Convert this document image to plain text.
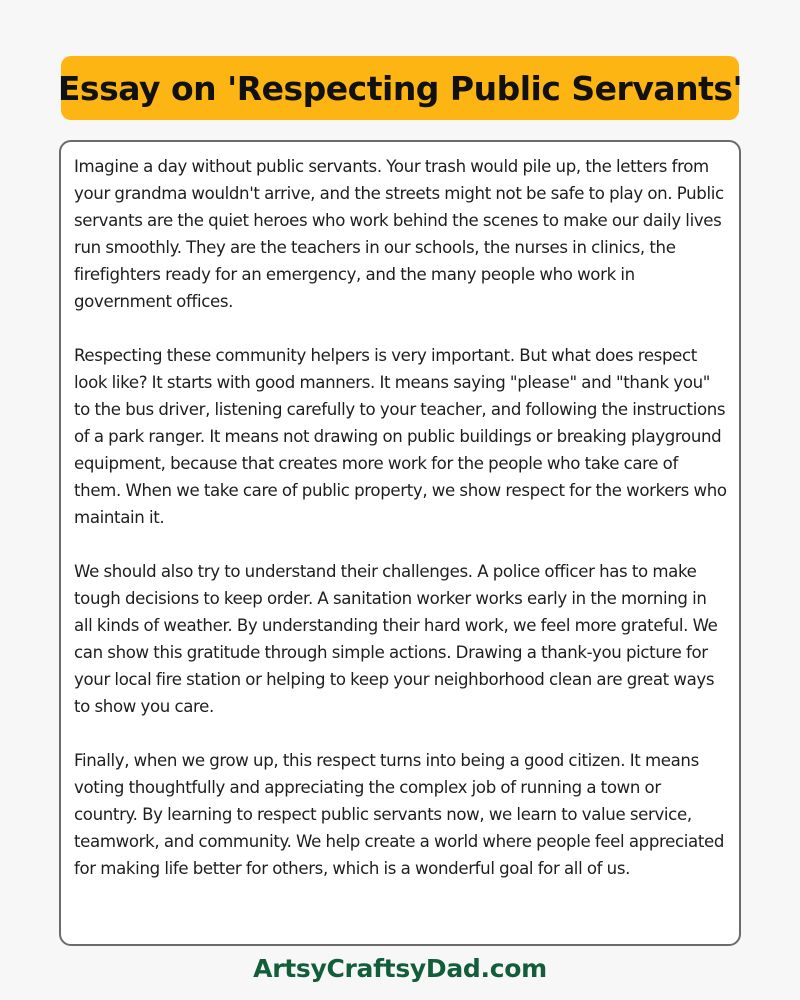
Essay on 'Respecting Public Servants'

Imagine a day without public servants. Your trash would pile up, the letters from your grandma wouldn't arrive, and the streets might not be safe to play on. Public servants are the quiet heroes who work behind the scenes to make our daily lives run smoothly. They are the teachers in our schools, the nurses in clinics, the firefighters ready for an emergency, and the many people who work in government offices.

Respecting these community helpers is very important. But what does respect look like? It starts with good manners. It means saying "please" and "thank you" to the bus driver, listening carefully to your teacher, and following the instructions of a park ranger. It means not drawing on public buildings or breaking playground equipment, because that creates more work for the people who take care of them. When we take care of public property, we show respect for the workers who maintain it.

We should also try to understand their challenges. A police officer has to make tough decisions to keep order. A sanitation worker works early in the morning in all kinds of weather. By understanding their hard work, we feel more grateful. We can show this gratitude through simple actions. Drawing a thank-you picture for your local fire station or helping to keep your neighborhood clean are great ways to show you care.

Finally, when we grow up, this respect turns into being a good citizen. It means voting thoughtfully and appreciating the complex job of running a town or country. By learning to respect public servants now, we learn to value service, teamwork, and community. We help create a world where people feel appreciated for making life better for others, which is a wonderful goal for all of us.

ArtsyCraftsyDad.com
